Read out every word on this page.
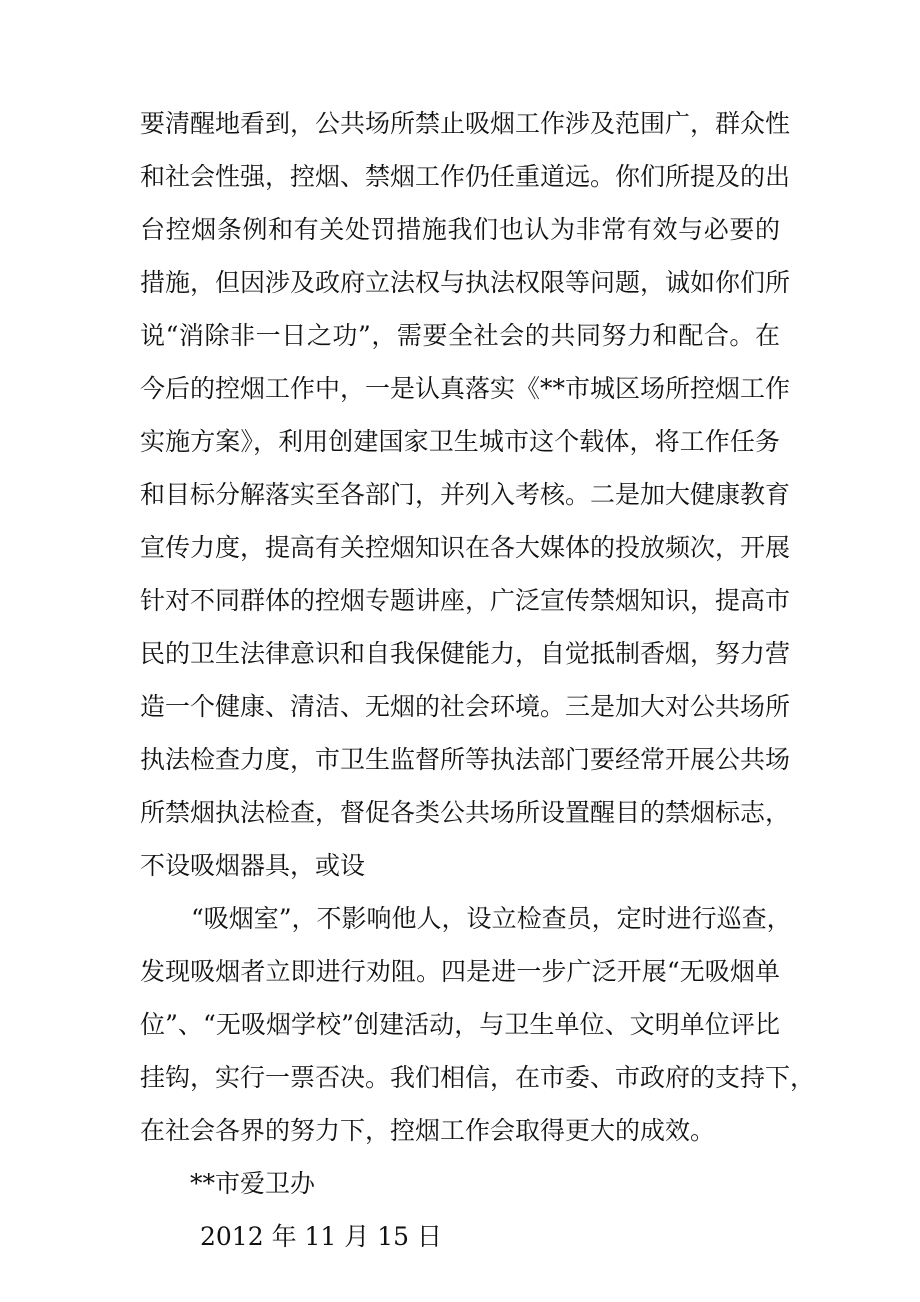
要清醒地看到，公共场所禁止吸烟工作涉及范围广，群众性
和社会性强，控烟、禁烟工作仍任重道远。你们所提及的出
台控烟条例和有关处罚措施我们也认为非常有效与必要的
措施，但因涉及政府立法权与执法权限等问题，诚如你们所
说“消除非一日之功”，需要全社会的共同努力和配合。在
今后的控烟工作中，一是认真落实《**市城区场所控烟工作
实施方案》，利用创建国家卫生城市这个载体，将工作任务
和目标分解落实至各部门，并列入考核。二是加大健康教育
宣传力度，提高有关控烟知识在各大媒体的投放频次，开展
针对不同群体的控烟专题讲座，广泛宣传禁烟知识，提高市
民的卫生法律意识和自我保健能力，自觉抵制香烟，努力营
造一个健康、清洁、无烟的社会环境。三是加大对公共场所
执法检查力度，市卫生监督所等执法部门要经常开展公共场
所禁烟执法检查，督促各类公共场所设置醒目的禁烟标志，
不设吸烟器具，或设
“吸烟室”，不影响他人，设立检查员，定时进行巡查，
发现吸烟者立即进行劝阻。四是进一步广泛开展“无吸烟单
位”、“无吸烟学校”创建活动，与卫生单位、文明单位评比
挂钩，实行一票否决。我们相信，在市委、市政府的支持下，
在社会各界的努力下，控烟工作会取得更大的成效。
**市爱卫办
2012 年 11 月 15 日
